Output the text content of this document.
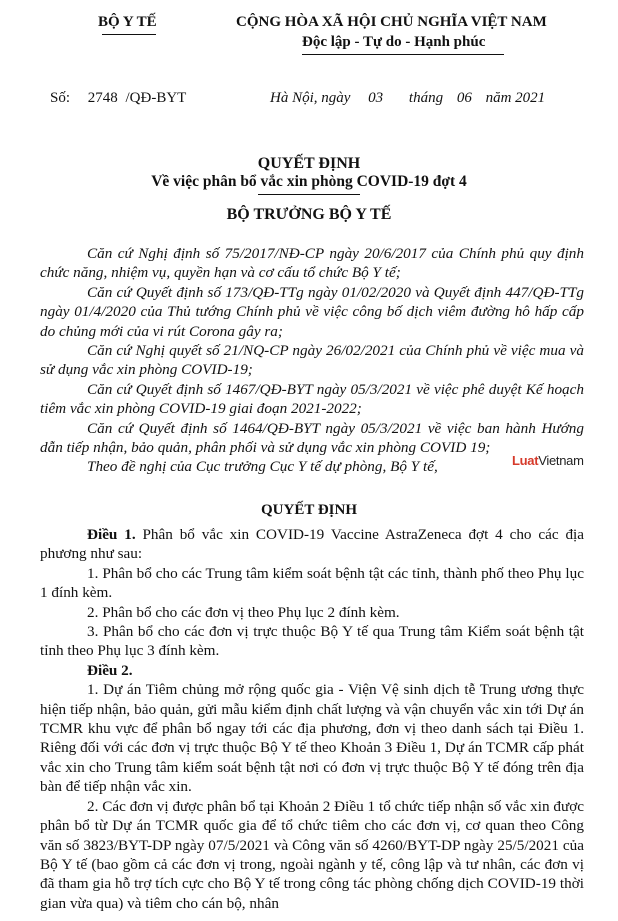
BỘ Y TẾ	CỘNG HÒA XÃ HỘI CHỦ NGHĨA VIỆT NAM
Độc lập - Tự do - Hạnh phúc
Số: 2748 /QĐ-BYT	Hà Nội, ngày 03 tháng 06 năm 2021
QUYẾT ĐỊNH
Về việc phân bổ vắc xin phòng COVID-19 đợt 4
BỘ TRƯỞNG BỘ Y TẾ

Căn cứ Nghị định số 75/2017/NĐ-CP ngày 20/6/2017 của Chính phủ quy định chức năng, nhiệm vụ, quyền hạn và cơ cấu tổ chức Bộ Y tế;

Căn cứ Quyết định số 173/QĐ-TTg ngày 01/02/2020 và Quyết định 447/QĐ-TTg ngày 01/4/2020 của Thủ tướng Chính phủ về việc công bố dịch viêm đường hô hấp cấp do chủng mới của vi rút Corona gây ra;

Căn cứ Nghị quyết số 21/NQ-CP ngày 26/02/2021 của Chính phủ về việc mua và sử dụng vắc xin phòng COVID-19;

Căn cứ Quyết định số 1467/QĐ-BYT ngày 05/3/2021 về việc phê duyệt Kế hoạch tiêm vắc xin phòng COVID-19 giai đoạn 2021-2022;

Căn cứ Quyết định số 1464/QĐ-BYT ngày 05/3/2021 về việc ban hành Hướng dẫn tiếp nhận, bảo quản, phân phối và sử dụng vắc xin phòng COVID 19;

Theo đề nghị của Cục trưởng Cục Y tế dự phòng, Bộ Y tế,	LuatVietnam
QUYẾT ĐỊNH

Điều 1. Phân bổ vắc xin COVID-19 Vaccine AstraZeneca đợt 4 cho các địa phương như sau:

1. Phân bổ cho các Trung tâm kiểm soát bệnh tật các tỉnh, thành phố theo Phụ lục 1 đính kèm.

2. Phân bổ cho các đơn vị theo Phụ lục 2 đính kèm.

3. Phân bổ cho các đơn vị trực thuộc Bộ Y tế qua Trung tâm Kiểm soát bệnh tật tỉnh theo Phụ lục 3 đính kèm.

Điều 2.

1. Dự án Tiêm chủng mở rộng quốc gia - Viện Vệ sinh dịch tễ Trung ương thực hiện tiếp nhận, bảo quản, gửi mẫu kiểm định chất lượng và vận chuyển vắc xin tới Dự án TCMR khu vực để phân bổ ngay tới các địa phương, đơn vị theo danh sách tại Điều 1. Riêng đối với các đơn vị trực thuộc Bộ Y tế theo Khoản 3 Điều 1, Dự án TCMR cấp phát vắc xin cho Trung tâm kiểm soát bệnh tật nơi có đơn vị trực thuộc Bộ Y tế đóng trên địa bàn để tiếp nhận vắc xin.

2. Các đơn vị được phân bổ tại Khoản 2 Điều 1 tổ chức tiếp nhận số vắc xin được phân bổ từ Dự án TCMR quốc gia để tổ chức tiêm cho các đơn vị, cơ quan theo Công văn số 3823/BYT-DP ngày 07/5/2021 và Công văn số 4260/BYT-DP ngày 25/5/2021 của Bộ Y tế (bao gồm cả các đơn vị trong, ngoài ngành y tế, công lập và tư nhân, các đơn vị đã tham gia hỗ trợ tích cực cho Bộ Y tế trong công tác phòng chống dịch COVID-19 thời gian vừa qua) và tiêm cho cán bộ, nhân
